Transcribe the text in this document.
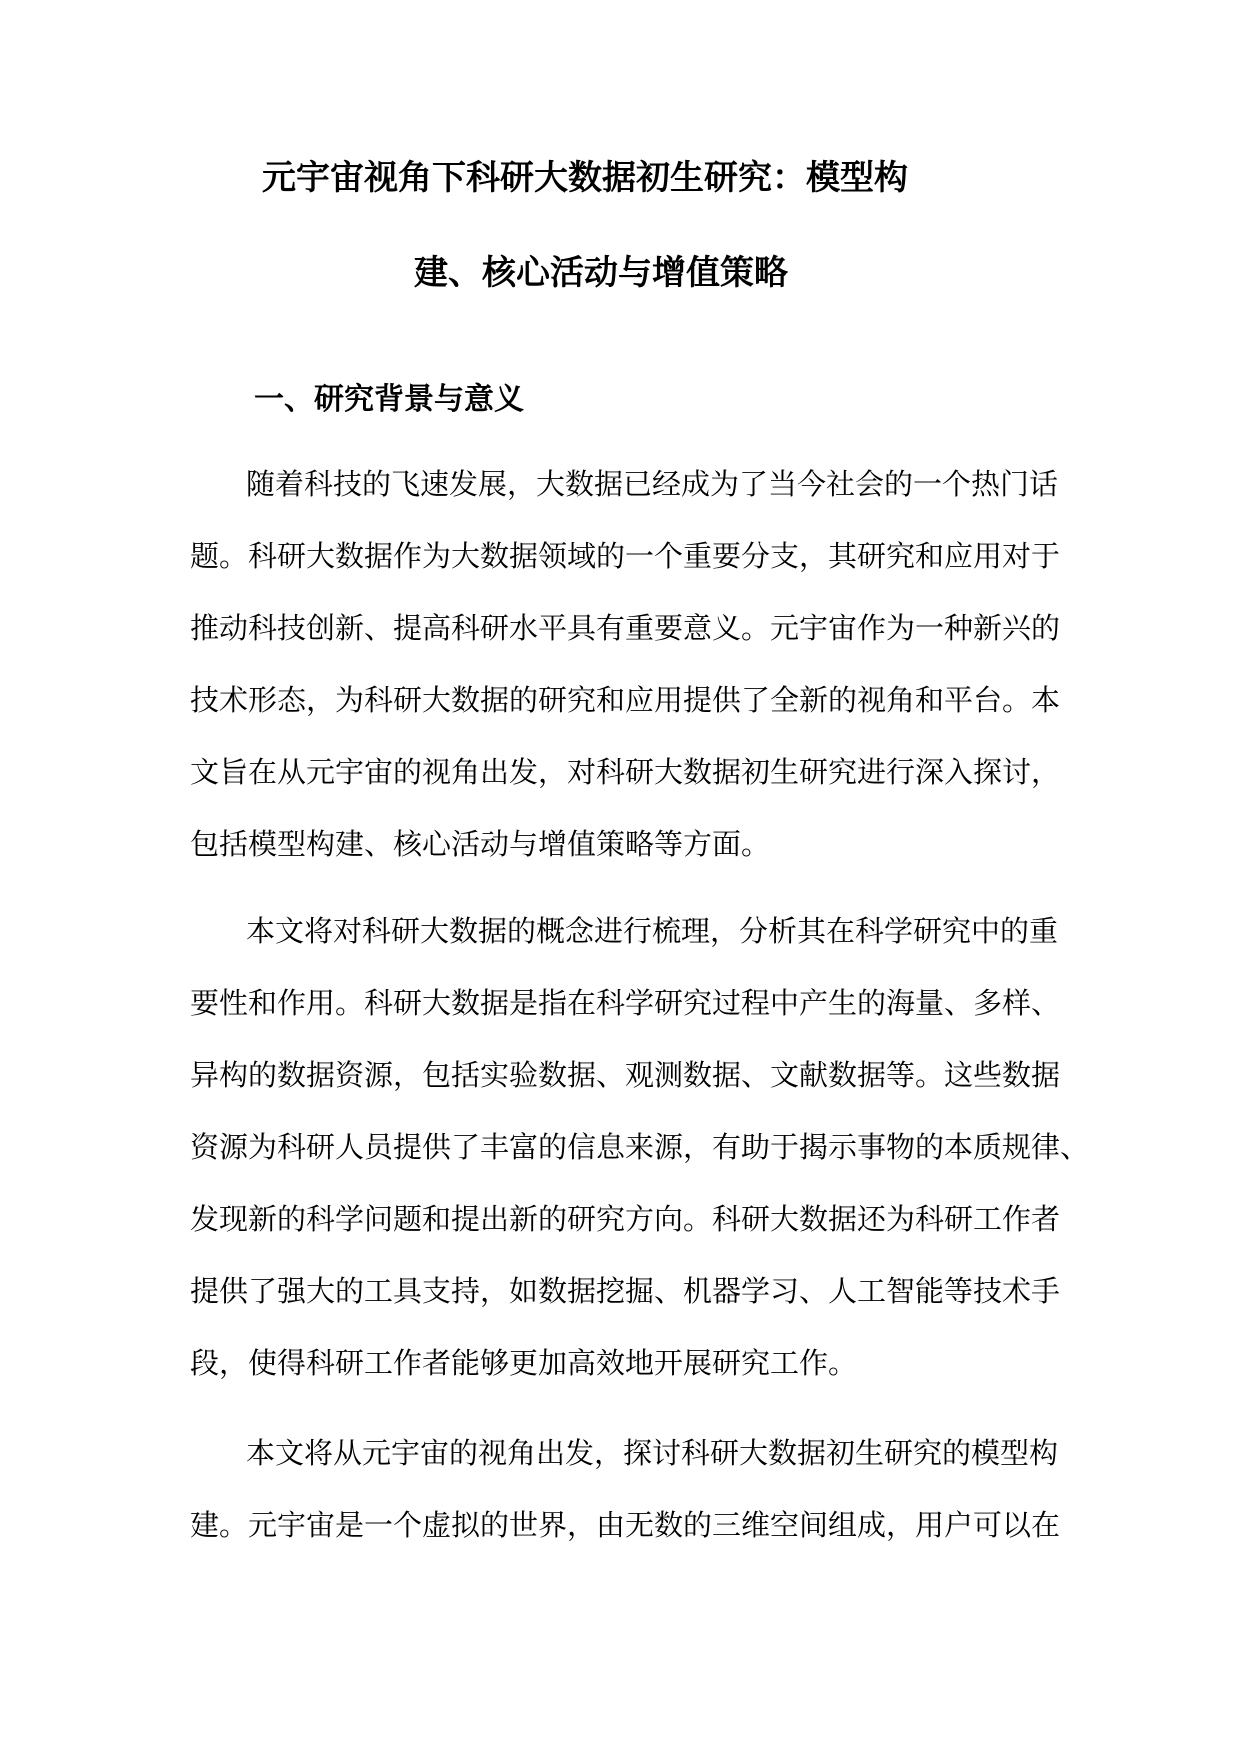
元宇宙视角下科研大数据初生研究：模型构
建、核心活动与增值策略
一、研究背景与意义
随着科技的飞速发展，大数据已经成为了当今社会的一个热门话
题。科研大数据作为大数据领域的一个重要分支，其研究和应用对于
推动科技创新、提高科研水平具有重要意义。元宇宙作为一种新兴的
技术形态，为科研大数据的研究和应用提供了全新的视角和平台。本
文旨在从元宇宙的视角出发，对科研大数据初生研究进行深入探讨，
包括模型构建、核心活动与增值策略等方面。
本文将对科研大数据的概念进行梳理，分析其在科学研究中的重
要性和作用。科研大数据是指在科学研究过程中产生的海量、多样、
异构的数据资源，包括实验数据、观测数据、文献数据等。这些数据
资源为科研人员提供了丰富的信息来源，有助于揭示事物的本质规律、
发现新的科学问题和提出新的研究方向。科研大数据还为科研工作者
提供了强大的工具支持，如数据挖掘、机器学习、人工智能等技术手
段，使得科研工作者能够更加高效地开展研究工作。
本文将从元宇宙的视角出发，探讨科研大数据初生研究的模型构
建。元宇宙是一个虚拟的世界，由无数的三维空间组成，用户可以在
